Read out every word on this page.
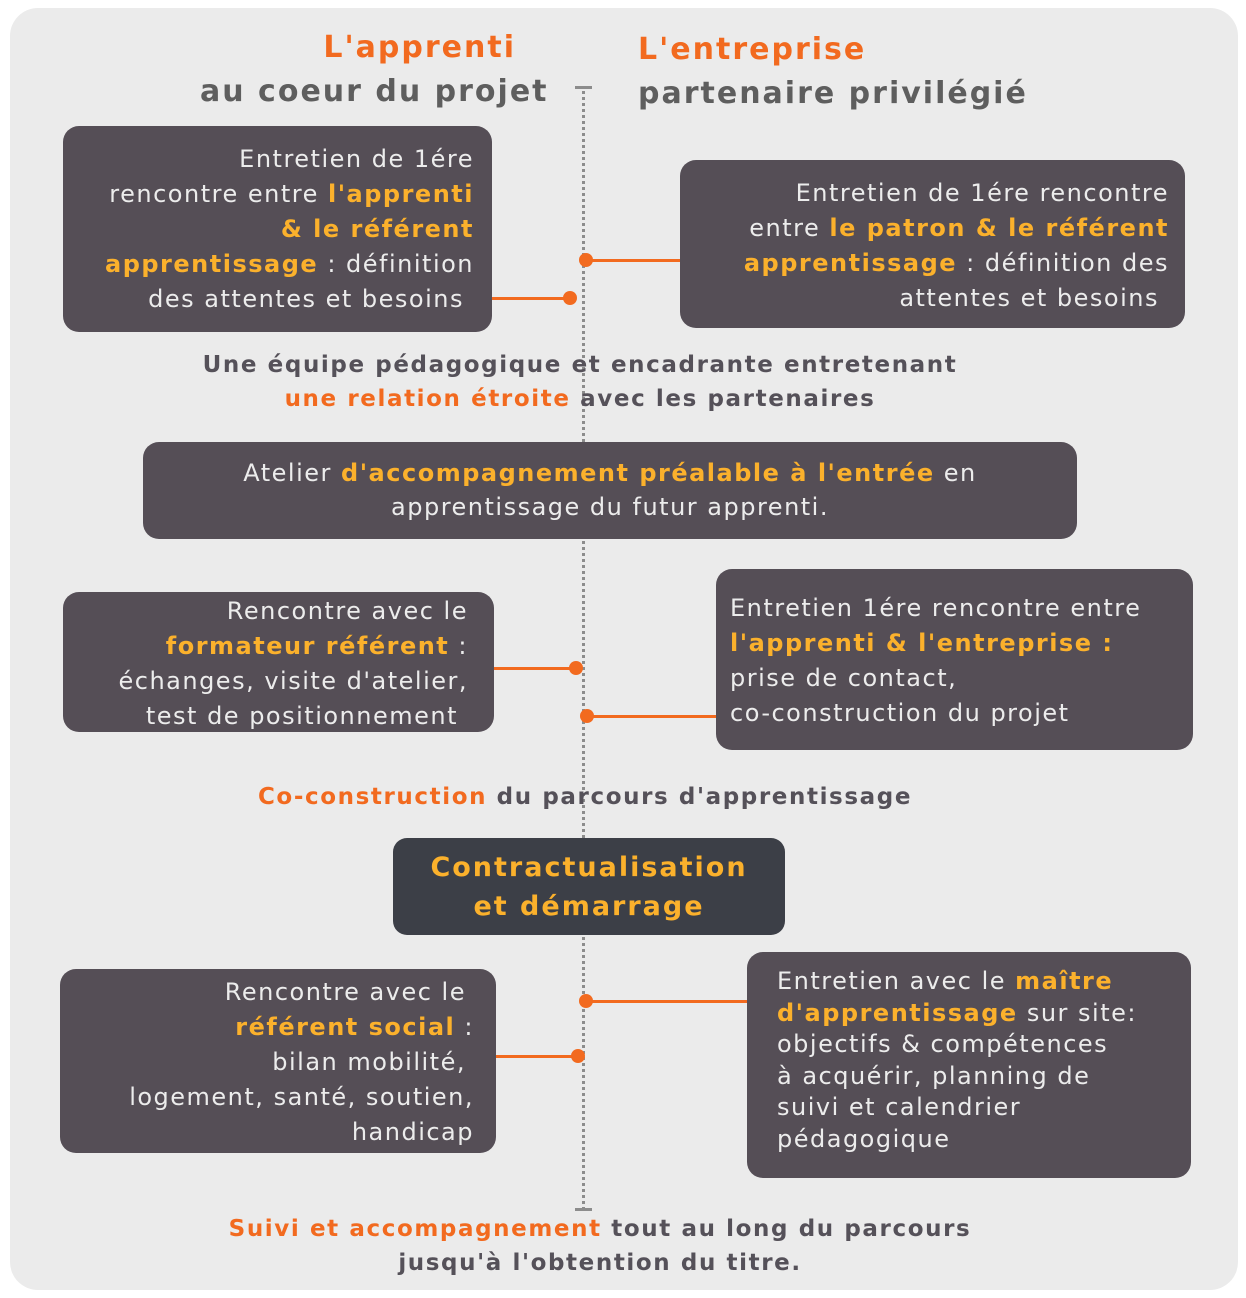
L'apprenti
au coeur du projet
L'entreprise
partenaire privilégié
Entretien de 1ére
rencontre entre l'apprenti
& le référent
apprentissage : définition
des attentes et besoins
Entretien de 1ére rencontre
entre le patron & le référent
apprentissage : définition des
attentes et besoins
Une équipe pédagogique et encadrante entretenant
une relation étroite avec les partenaires
Atelier d'accompagnement préalable à l'entrée en
apprentissage du futur apprenti.
Rencontre avec le
formateur référent :
échanges, visite d'atelier,
test de positionnement
Entretien 1ére rencontre entre
l'apprenti & l'entreprise :
prise de contact,
co-construction du projet
Co-construction du parcours d'apprentissage
Contractualisation
et démarrage
Rencontre avec le
référent social :
bilan mobilité,
logement, santé, soutien,
handicap
Entretien avec le maître
d'apprentissage sur site:
objectifs & compétences
à acquérir, planning de
suivi et calendrier
pédagogique
Suivi et accompagnement tout au long du parcours
jusqu'à l'obtention du titre.
